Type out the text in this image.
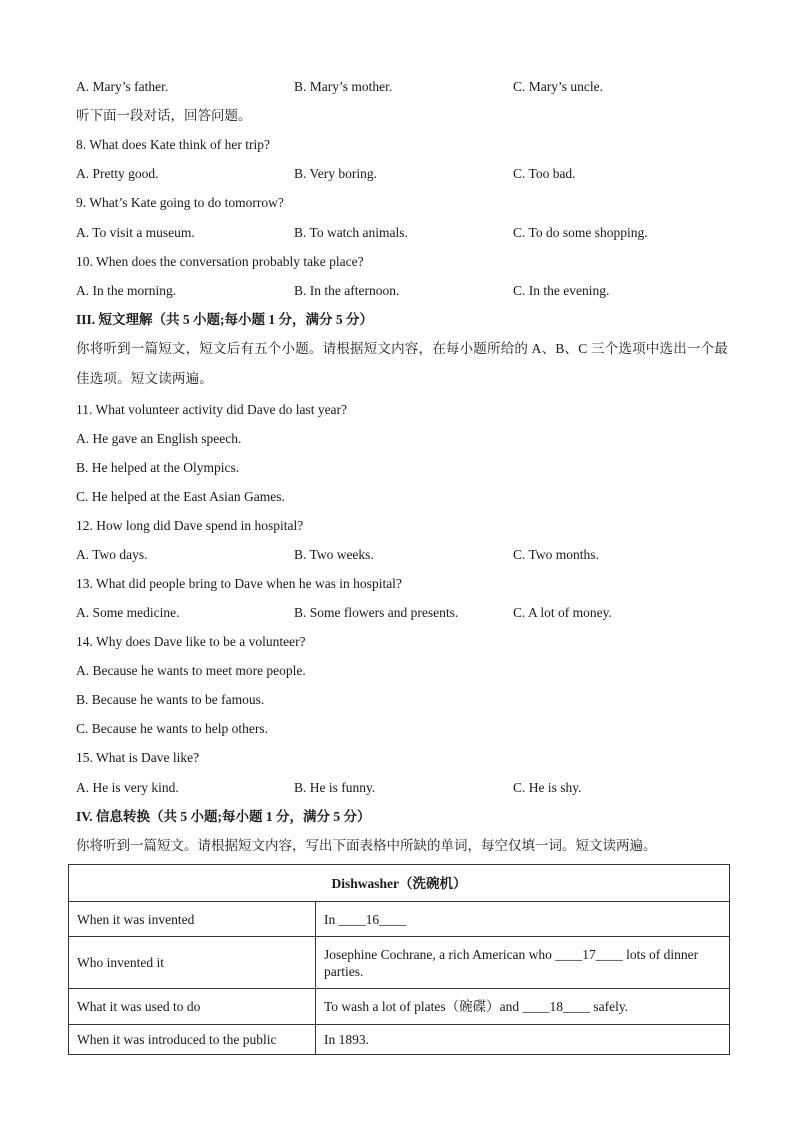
A. Mary’s father.	B. Mary’s mother.	C. Mary’s uncle.
听下面一段对话，回答问题。
8. What does Kate think of her trip?
A. Pretty good.	B. Very boring.	C. Too bad.
9. What’s Kate going to do tomorrow?
A. To visit a museum.	B. To watch animals.	C. To do some shopping.
10. When does the conversation probably take place?
A. In the morning.	B. In the afternoon.	C. In the evening.
III. 短文理解（共 5 小题;每小题 1 分，满分 5 分）
你将听到一篇短文，短文后有五个小题。请根据短文内容，在每小题所给的 A、B、C 三个选项中选出一个最佳选项。短文读两遍。
11. What volunteer activity did Dave do last year?
A. He gave an English speech.
B. He helped at the Olympics.
C. He helped at the East Asian Games.
12. How long did Dave spend in hospital?
A. Two days.	B. Two weeks.	C. Two months.
13. What did people bring to Dave when he was in hospital?
A. Some medicine.	B. Some flowers and presents.	C. A lot of money.
14. Why does Dave like to be a volunteer?
A. Because he wants to meet more people.
B. Because he wants to be famous.
C. Because he wants to help others.
15. What is Dave like?
A. He is very kind.	B. He is funny.	C. He is shy.
IV. 信息转换（共 5 小题;每小题 1 分，满分 5 分）
你将听到一篇短文。请根据短文内容，写出下面表格中所缺的单词，每空仅填一词。短文读两遍。
Dishwasher（洗碗机）	
When it was invented	In ____16____
Who invented it	Josephine Cochrane, a rich American who ____17____ lots of dinner parties.
What it was used to do	To wash a lot of plates（碗碟）and ____18____ safely.
When it was introduced to the public	In 1893.
